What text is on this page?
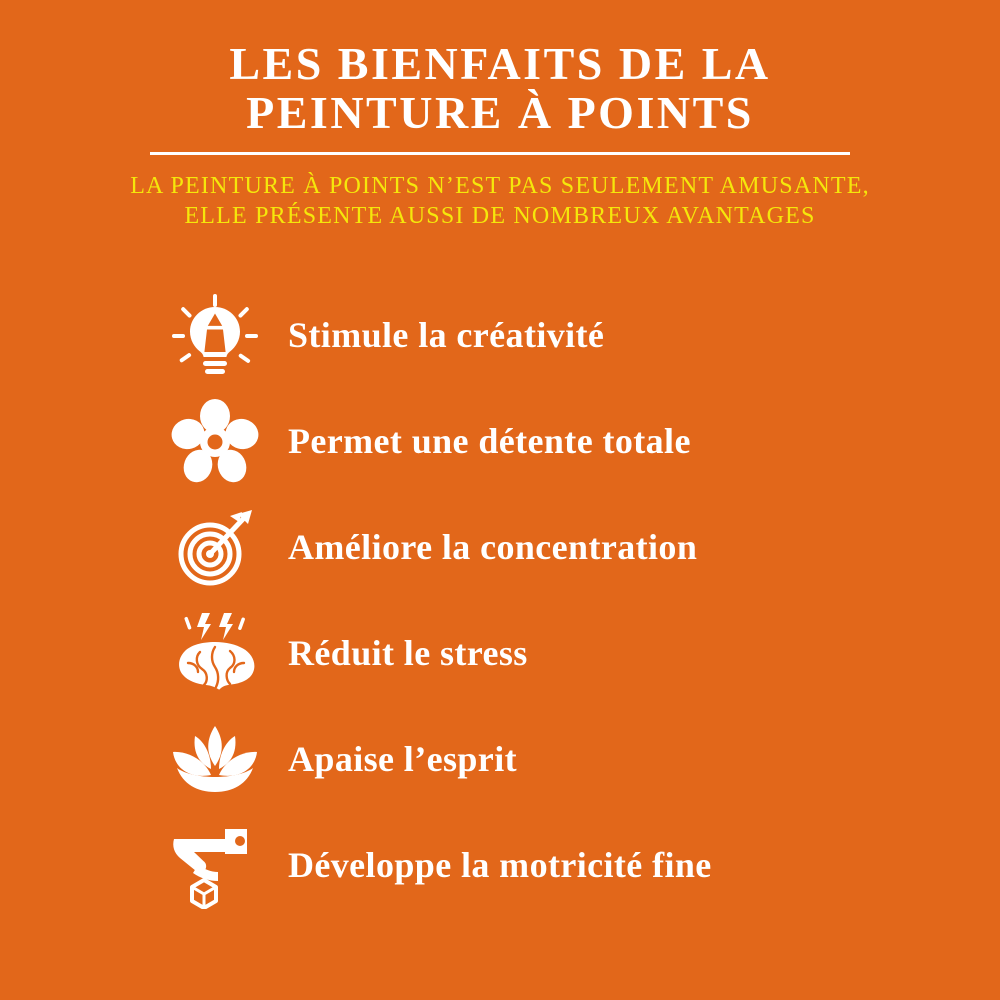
LES BIENFAITS DE LA
PEINTURE À POINTS

LA PEINTURE À POINTS N’EST PAS SEULEMENT AMUSANTE,
ELLE PRÉSENTE AUSSI DE NOMBREUX AVANTAGES

Stimule la créativité
Permet une détente totale
Améliore la concentration
Réduit le stress
Apaise l’esprit
Développe la motricité fine
